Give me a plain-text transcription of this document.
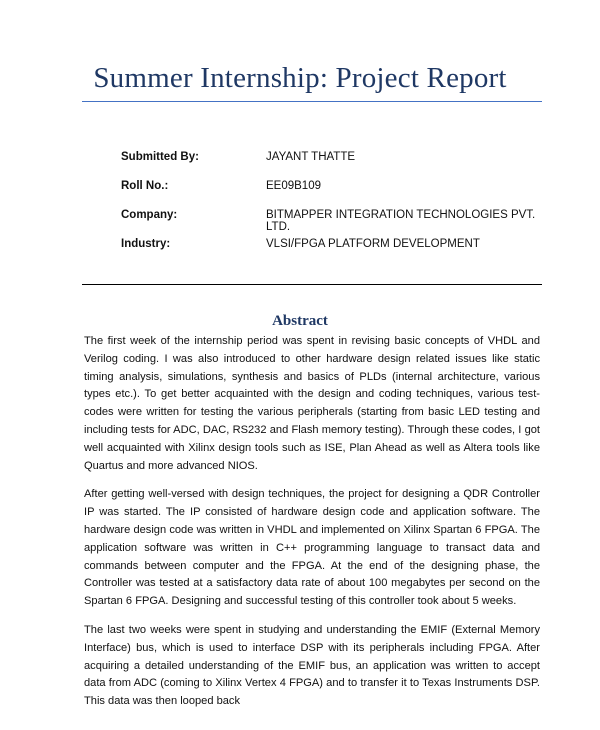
Summer Internship: Project Report
Submitted By:	JAYANT THATTE
Roll No.:	EE09B109
Company:	BITMAPPER INTEGRATION TECHNOLOGIES PVT. LTD.
Industry:	VLSI/FPGA PLATFORM DEVELOPMENT
Abstract

The first week of the internship period was spent in revising basic concepts of VHDL and Verilog coding. I was also introduced to other hardware design related issues like static timing analysis, simulations, synthesis and basics of PLDs (internal architecture, various types etc.). To get better acquainted with the design and coding techniques, various test-codes were written for testing the various peripherals (starting from basic LED testing and including tests for ADC, DAC, RS232 and Flash memory testing). Through these codes, I got well acquainted with Xilinx design tools such as ISE, Plan Ahead as well as Altera tools like Quartus and more advanced NIOS.

After getting well-versed with design techniques, the project for designing a QDR Controller IP was started. The IP consisted of hardware design code and application software. The hardware design code was written in VHDL and implemented on Xilinx Spartan 6 FPGA. The application software was written in C++ programming language to transact data and commands between computer and the FPGA. At the end of the designing phase, the Controller was tested at a satisfactory data rate of about 100 megabytes per second on the Spartan 6 FPGA. Designing and successful testing of this controller took about 5 weeks.

The last two weeks were spent in studying and understanding the EMIF (External Memory Interface) bus, which is used to interface DSP with its peripherals including FPGA. After acquiring a detailed understanding of the EMIF bus, an application was written to accept data from ADC (coming to Xilinx Vertex 4 FPGA) and to transfer it to Texas Instruments DSP. This data was then looped back
